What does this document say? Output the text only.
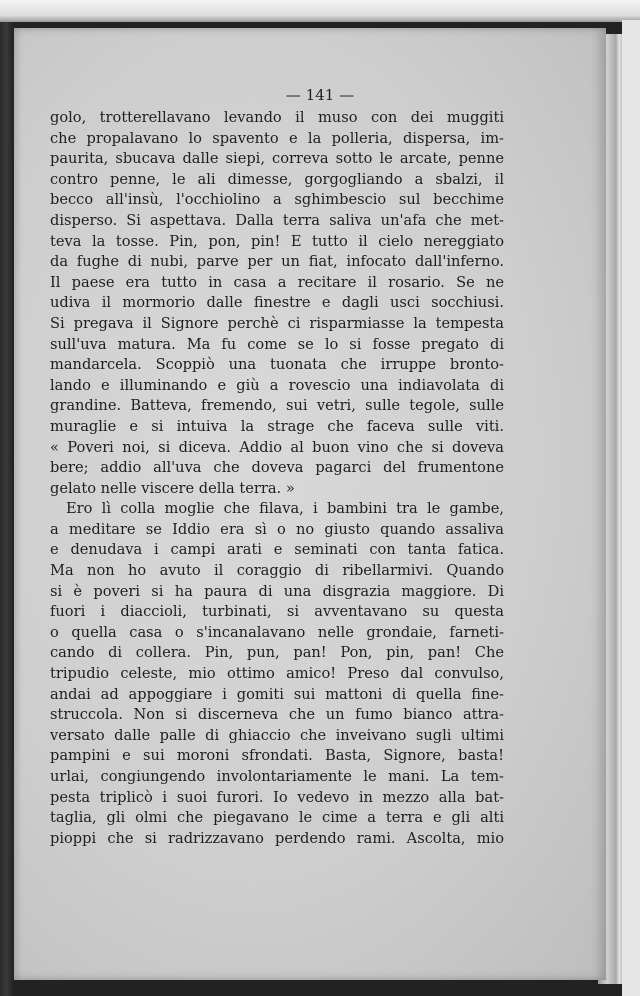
— 141 —
golo, trotterellavano levando il muso con dei muggiti
che propalavano lo spavento e la polleria, dispersa, im-
paurita, sbucava dalle siepi, correva sotto le arcate, penne
contro penne, le ali dimesse, gorgogliando a sbalzi, il
becco all'insù, l'occhiolino a sghimbescio sul becchime
disperso. Si aspettava. Dalla terra saliva un'afa che met-
teva la tosse. Pin, pon, pin! E tutto il cielo nereggiato
da fughe di nubi, parve per un fiat, infocato dall'inferno.
Il paese era tutto in casa a recitare il rosario. Se ne
udiva il mormorio dalle finestre e dagli usci socchiusi.
Si pregava il Signore perchè ci risparmiasse la tempesta
sull'uva matura. Ma fu come se lo si fosse pregato di
mandarcela. Scoppiò una tuonata che irruppe bronto-
lando e illuminando e giù a rovescio una indiavolata di
grandine. Batteva, fremendo, sui vetri, sulle tegole, sulle
muraglie e si intuiva la strage che faceva sulle viti.
« Poveri noi, si diceva. Addio al buon vino che si doveva
bere; addio all'uva che doveva pagarci del frumentone
gelato nelle viscere della terra. »
Ero lì colla moglie che filava, i bambini tra le gambe,
a meditare se Iddio era sì o no giusto quando assaliva
e denudava i campi arati e seminati con tanta fatica.
Ma non ho avuto il coraggio di ribellarmivi. Quando
si è poveri si ha paura di una disgrazia maggiore. Di
fuori i diaccioli, turbinati, si avventavano su questa
o quella casa o s'incanalavano nelle grondaie, farneti-
cando di collera. Pin, pun, pan! Pon, pin, pan! Che
tripudio celeste, mio ottimo amico! Preso dal convulso,
andai ad appoggiare i gomiti sui mattoni di quella fine-
struccola. Non si discerneva che un fumo bianco attra-
versato dalle palle di ghiaccio che inveivano sugli ultimi
pampini e sui moroni sfrondati. Basta, Signore, basta!
urlai, congiungendo involontariamente le mani. La tem-
pesta triplicò i suoi furori. Io vedevo in mezzo alla bat-
taglia, gli olmi che piegavano le cime a terra e gli alti
pioppi che si radrizzavano perdendo rami. Ascolta, mio
